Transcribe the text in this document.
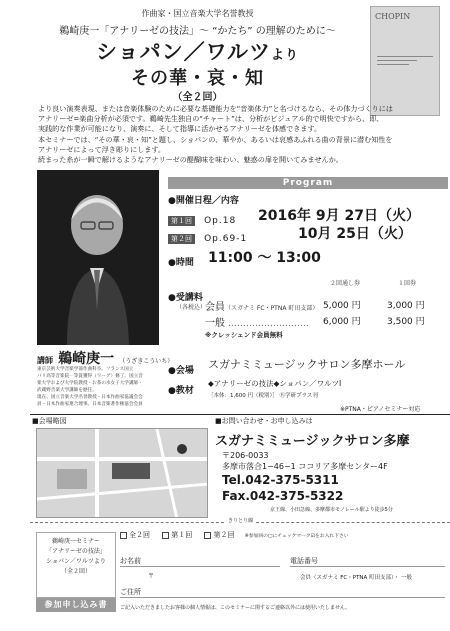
作曲家・国立音楽大学名誉教授
鵜崎庚一「アナリーゼの技法」～ “かたち” の理解のために～
ショパン／ワルツより
その華・哀・知
（全２回）
CHOPIN
より良い演奏表現、または音楽体験のために必要な基礎能力を“音楽体力”と名づけるなら、その体力づくりには
アナリーゼ=楽曲分析が必須です。鵜崎先生独自の“チャート”は、分析がビジュアル的で明快ですから、即、
実践的な作業が可能になり、演奏に、そして指導に活かせるアナリーゼを体感できます。
本セミナーでは、“その華・哀・知”と題し、ショパンの、華やか、あるいは哀感あふれる曲の背景に潜む知性を
アナリーゼによって浮き彫りにします。
続まった糸が一瞬で解けるようなアナリーゼの醍醐味を味わい、魅惑の扉を開いてみませんか。
講師 鵜崎庚一 （うざきこういち）
東京芸術大学音楽学部作曲科卒。フランス国立
パリ高等音楽院一等賞獲得（ワーグ）修了。国立音
楽大学および大学院教授・お茶の水女子大学講師・
武蔵野音楽大学講師を歴任。
現在、国立音楽大学名誉教授・日本作曲家協議会会
員・日本作曲家連合理事。日本音楽著作権協会会員
Program
●開催日程／内容
第１回 Op.18 2016年 9月 27日（火）
第２回 Op.69-1	10月 25日（火）
●時間 11:00 〜 13:00
２回通し券	１回券
●受講料
（各税込）
会員（スガナミ FC・PTNA 町田支部） 5,000 円	3,000 円
一般 ……………………… 6,000 円	3,500 円
※クレッシェンド会員無料
●会場 スガナミミュージックサロン多摩ホール
●教材
◆アナリーゼの技法◆ショパン／ワルツⅠ
［本体：1,600 円（税別）］ Ⓡ学研プラス刊
※PTNA・ピアノセミナー対応
■会場略図	■お問い合わせ・お申し込みは
スガナミミュージックサロン多摩
〒206-0033
多摩市落合1−46−1 ココリア多摩センター4F
Tel.042-375-5311
Fax.042-375-5322
京王線、小田急線、多摩都市モノレール駅より徒歩5分
きりとり線
鵜崎庚一セミナー
「アナリーゼの技法」
ショパン／ワルツより
（全２回）
参加申し込み書
全２回	第１回	第２回 ※参加回の□にチェックマーク☑をお入れ下さい
お名前	電話番号
〒	会員（スガナミ FC・PTNA 町田支部）・ 一般
ご住所
ご記入いただきましたお客様の個人情報は、このセミナーに関するご連絡以外には使用いたしません。
